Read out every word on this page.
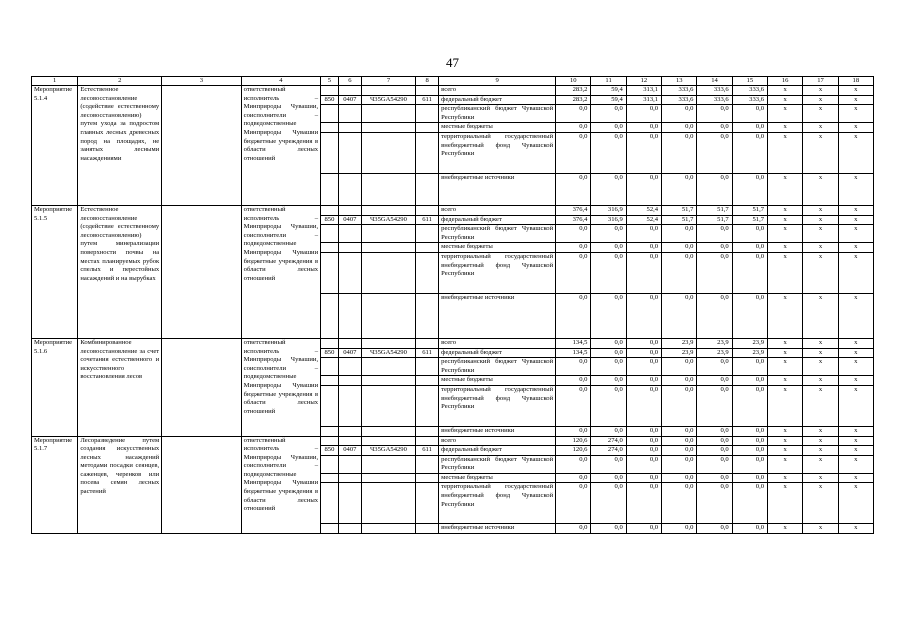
47
1	2	3	4	5	6	7	8	9	10	11	12	13	14	15	16	17	18
Мероприятие 5.1.4	Естественное лесовосстановление (содействие естественному лесовосстановлению) путем ухода за подростом главных лесных древесных пород на площадях, не занятых лесными насаждениями		ответственный исполнитель – Минприроды Чувашии, соисполнители – подведомственные Минприроды Чувашии бюджетные учреждения в области лесных отношений					всего	283,2	59,4	313,1	333,6	333,6	333,6	x	x	x
				850	0407	Ч35GA54290	611	федеральный бюджет	283,2	59,4	313,1	333,6	333,6	333,6	x	x	x
								республиканский бюджет Чувашской Республики	0,0	0,0	0,0	0,0	0,0	0,0	x	x	x
								местные бюджеты	0,0	0,0	0,0	0,0	0,0	0,0	x	x	x
								территориальный государственный внебюджетный фонд Чувашской Республики	0,0	0,0	0,0	0,0	0,0	0,0	x	x	x
								внебюджетные источники	0,0	0,0	0,0	0,0	0,0	0,0	x	x	x
Мероприятие 5.1.5	Естественное лесовосстановление (содействие естественному лесовосстановлению) путем минерализации поверхности почвы на местах планируемых рубок спелых и перестойных насаждений и на вырубках		ответственный исполнитель – Минприроды Чувашии, соисполнители – подведомственные Минприроды Чувашии бюджетные учреждения в области лесных отношений					всего	376,4	316,9	52,4	51,7	51,7	51,7	x	x	x
				850	0407	Ч35GA54290	611	федеральный бюджет	376,4	316,9	52,4	51,7	51,7	51,7	x	x	x
								республиканский бюджет Чувашской Республики	0,0	0,0	0,0	0,0	0,0	0,0	x	x	x
								местные бюджеты	0,0	0,0	0,0	0,0	0,0	0,0	x	x	x
								территориальный государственный внебюджетный фонд Чувашской Республики	0,0	0,0	0,0	0,0	0,0	0,0	x	x	x
								внебюджетные источники	0,0	0,0	0,0	0,0	0,0	0,0	x	x	x
Мероприятие 5.1.6	Комбинированное лесовосстановление за счет сочетания естественного и искусственного восстановления лесов		ответственный исполнитель – Минприроды Чувашии, соисполнители – подведомственные Минприроды Чувашии бюджетные учреждения в области лесных отношений					всего	134,5	0,0	0,0	23,9	23,9	23,9	x	x	x
				850	0407	Ч35GA54290	611	федеральный бюджет	134,5	0,0	0,0	23,9	23,9	23,9	x	x	x
								республиканский бюджет Чувашской Республики	0,0	0,0	0,0	0,0	0,0	0,0	x	x	x
								местные бюджеты	0,0	0,0	0,0	0,0	0,0	0,0	x	x	x
								территориальный государственный внебюджетный фонд Чувашской Республики	0,0	0,0	0,0	0,0	0,0	0,0	x	x	x
								внебюджетные источники	0,0	0,0	0,0	0,0	0,0	0,0	x	x	x
Мероприятие 5.1.7	Лесоразведение путем создания искусственных лесных насаждений методами посадки сеянцев, саженцев, черенков или посева семян лесных растений		ответственный исполнитель – Минприроды Чувашии, соисполнители – подведомственные Минприроды Чувашии бюджетные учреждения в области лесных отношений					всего	120,6	274,0	0,0	0,0	0,0	0,0	x	x	x
				850	0407	Ч35GA54290	611	федеральный бюджет	120,6	274,0	0,0	0,0	0,0	0,0	x	x	x
								республиканский бюджет Чувашской Республики	0,0	0,0	0,0	0,0	0,0	0,0	x	x	x
								местные бюджеты	0,0	0,0	0,0	0,0	0,0	0,0	x	x	x
								территориальный государственный внебюджетный фонд Чувашской Республики	0,0	0,0	0,0	0,0	0,0	0,0	x	x	x
								внебюджетные источники	0,0	0,0	0,0	0,0	0,0	0,0	x	x	x
